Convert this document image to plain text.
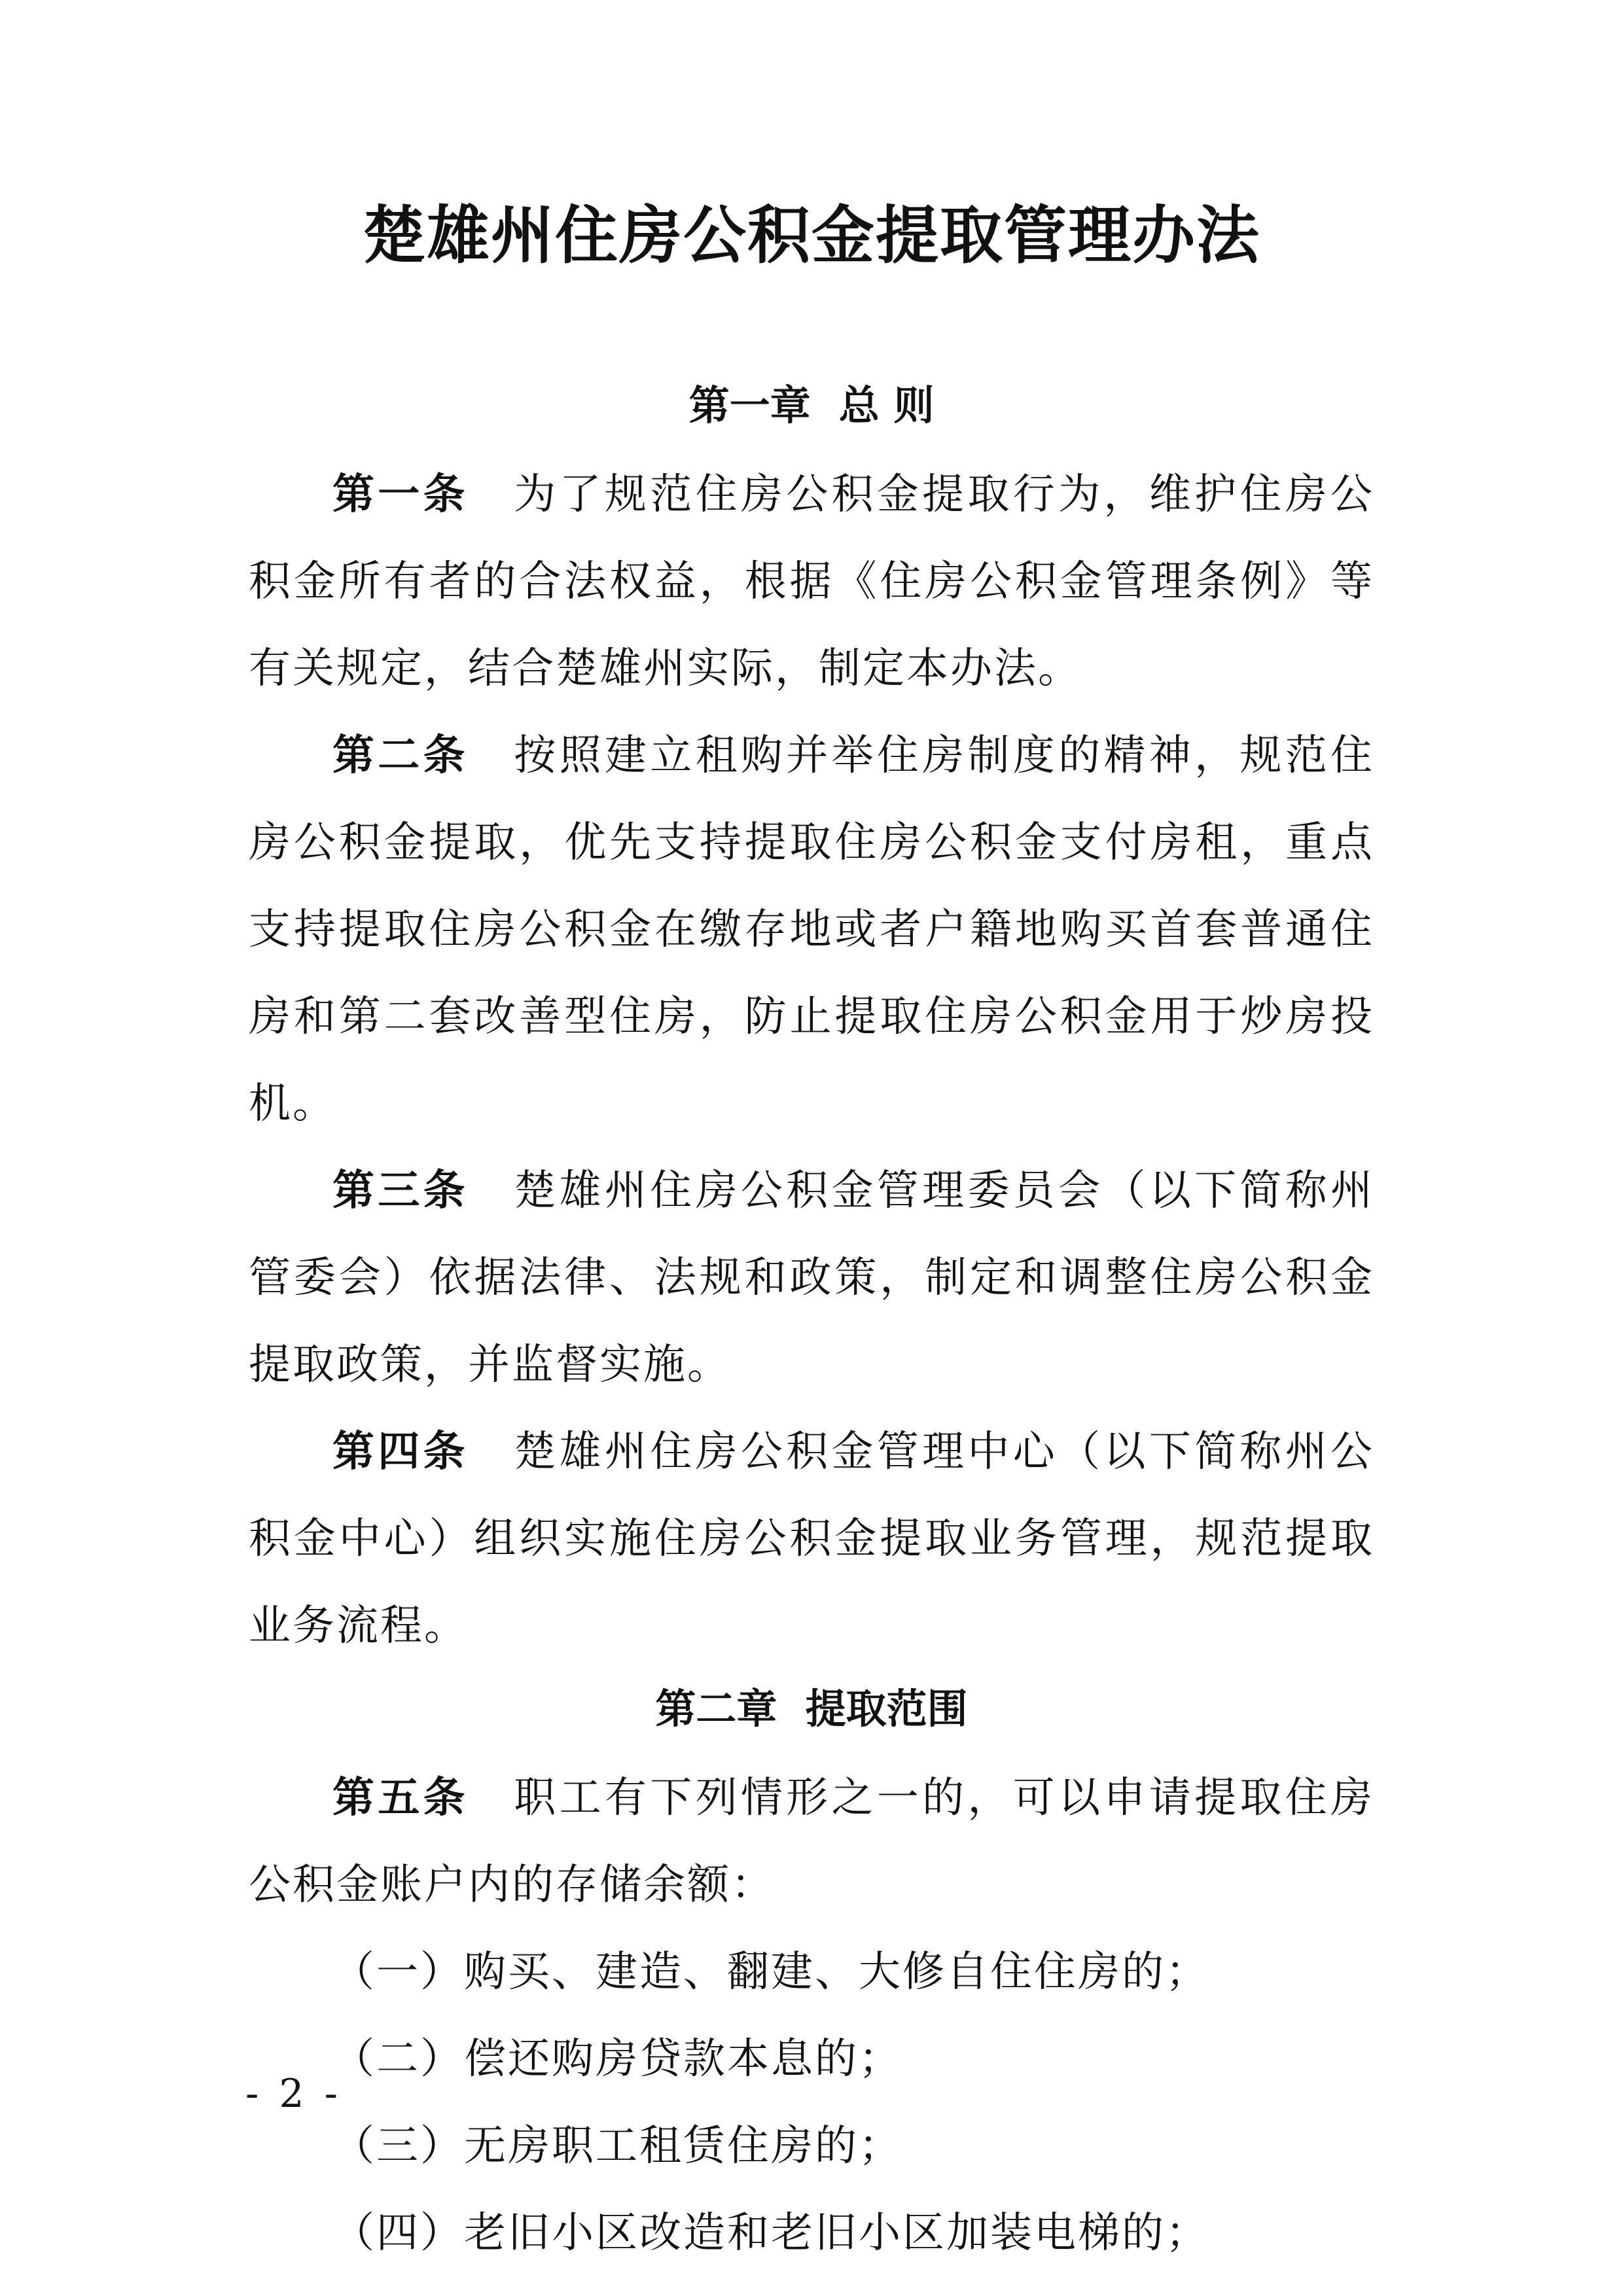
楚雄州住房公积金提取管理办法
第一章  总 则

第一条　 为了规范住房公积金提取行为，维护住房公积金所有者的合法权益，根据《住房公积金管理条例》等有关规定，结合楚雄州实际，制定本办法。

第二条　 按照建立租购并举住房制度的精神，规范住房公积金提取，优先支持提取住房公积金支付房租，重点支持提取住房公积金在缴存地或者户籍地购买首套普通住房和第二套改善型住房，防止提取住房公积金用于炒房投机。

第三条　 楚雄州住房公积金管理委员会（以下简称州管委会）依据法律、法规和政策，制定和调整住房公积金提取政策，并监督实施。

第四条　 楚雄州住房公积金管理中心（以下简称州公积金中心）组织实施住房公积金提取业务管理，规范提取业务流程。

第二章  提取范围

第五条　 职工有下列情形之一的，可以申请提取住房公积金账户内的存储余额：

（一）购买、建造、翻建、大修自住住房的；

（二）偿还购房贷款本息的；

（三）无房职工租赁住房的；

（四）老旧小区改造和老旧小区加装电梯的；

- 2 -
